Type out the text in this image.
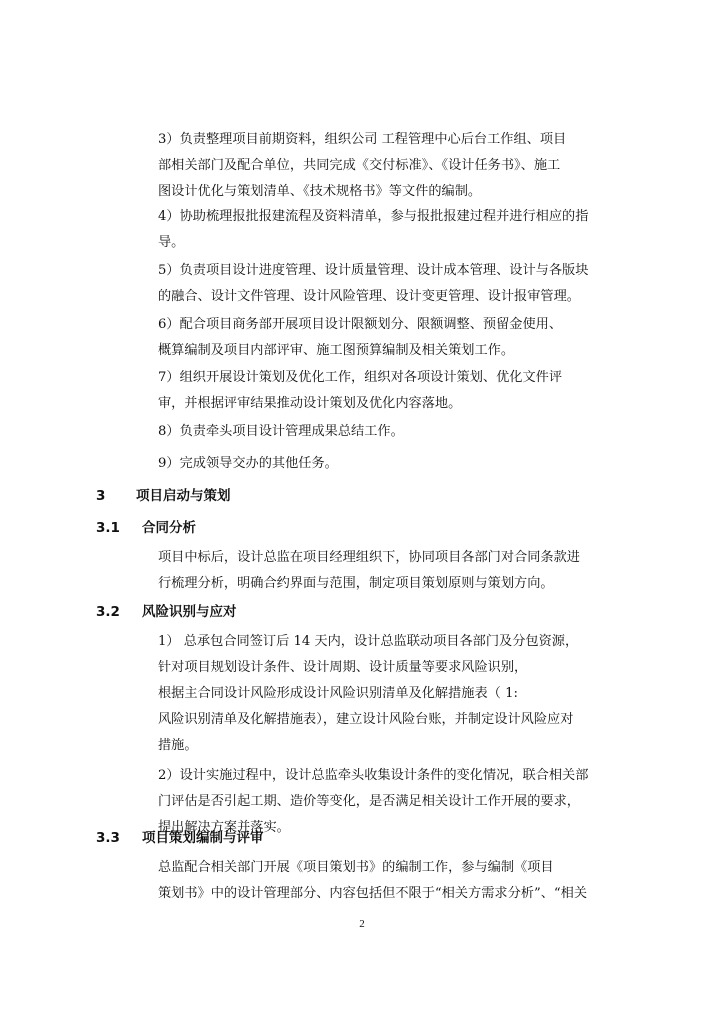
3）负责整理项目前期资料，组织公司 工程管理中心后台工作组、项目
部相关部门及配合单位，共同完成《交付标准》、《设计任务书》、施工
图设计优化与策划清单、《技术规格书》等文件的编制。

4）协助梳理报批报建流程及资料清单，参与报批报建过程并进行相应的指
导。

5）负责项目设计进度管理、设计质量管理、设计成本管理、设计与各版块
的融合、设计文件管理、设计风险管理、设计变更管理、设计报审管理。

6）配合项目商务部开展项目设计限额划分、限额调整、预留金使用、
概算编制及项目内部评审、施工图预算编制及相关策划工作。

7）组织开展设计策划及优化工作，组织对各项设计策划、优化文件评
审，并根据评审结果推动设计策划及优化内容落地。

8）负责牵头项目设计管理成果总结工作。

9）完成领导交办的其他任务。

3 项目启动与策划
3.1 合同分析

项目中标后，设计总监在项目经理组织下，协同项目各部门对合同条款进
行梳理分析，明确合约界面与范围，制定项目策划原则与策划方向。

3.2 风险识别与应对

1） 总承包合同签订后 14 天内，设计总监联动项目各部门及分包资源，
针对项目规划设计条件、设计周期、设计质量等要求风险识别，
根据主合同设计风险形成设计风险识别清单及化解措施表（ 1:
风险识别清单及化解措施表），建立设计风险台账，并制定设计风险应对
措施。

2）设计实施过程中，设计总监牵头收集设计条件的变化情况，联合相关部
门评估是否引起工期、造价等变化，是否满足相关设计工作开展的要求，
提出解决方案并落实。

3.3 项目策划编制与评审

总监配合相关部门开展《项目策划书》的编制工作，参与编制《项目
策划书》中的设计管理部分、内容包括但不限于“相关方需求分析”、“相关

2
